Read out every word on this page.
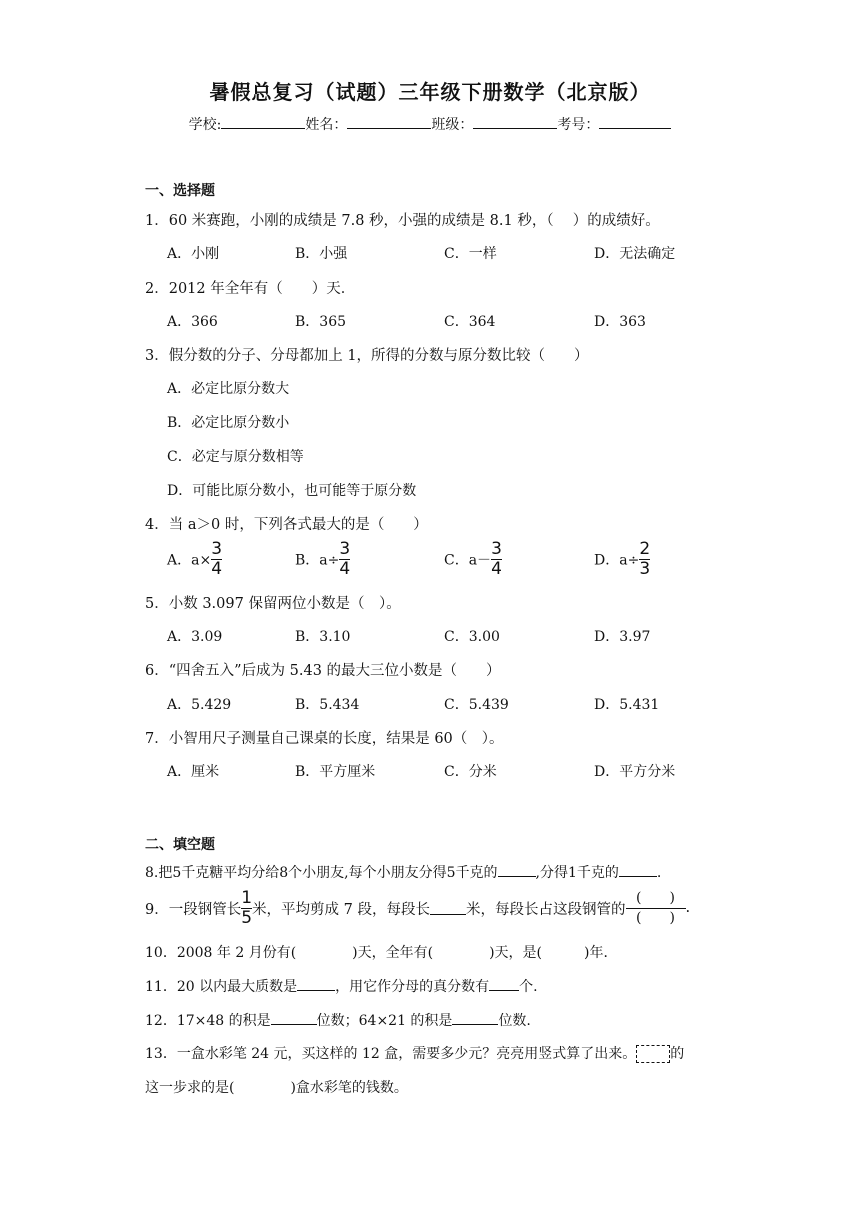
暑假总复习（试题）三年级下册数学（北京版）
学校:	姓名：	班级：	考号：
一、选择题
1．60 米赛跑，小刚的成绩是 7.8 秒，小强的成绩是 8.1 秒，（　 ）的成绩好。
A．小刚	B．小强	C．一样	D．无法确定
2．2012 年全年有（　　）天．
A．366	B．365	C．364	D．363
3．假分数的分子、分母都加上 1，所得的分数与原分数比较（　　）
A．必定比原分数大
B．必定比原分数小
C．必定与原分数相等
D．可能比原分数小，也可能等于原分数
4．当 a＞0 时，下列各式最大的是（　　）
A．$a\times \frac{3}{4}$	B．$a\div \frac{3}{4}$	C．$a- \frac{3}{4}$	D．$a\div \frac{2}{3}$
5．小数 3.097 保留两位小数是（　）。
A．3.09	B．3.10	C．3.00	D．3.97
6．“四舍五入”后成为 5.43 的最大三位小数是（　　）
A．5.429	B．5.434	C．5.439	D．5.431
7．小智用尺子测量自己课桌的长度，结果是 60（　）。
A．厘米	B．平方厘米	C．分米	D．平方分米
二、填空题
8.把5千克糖平均分给8个小朋友,每个小朋友分得5千克的	,分得1千克的	.
9．一段钢管长 $\frac{1}{5}$ 米，平均剪成 7 段，每段长 米，每段长占这段钢管的
(　　)
(　　)
.
10．2008 年 2 月份有(　　　　)天，全年有(　　　　)天，是(　　　)年．
11．20 以内最大质数是	，用它作分母的真分数有 个.
12．17×48 的积是	位数；64×21 的积是	位数.
13．一盒水彩笔 24 元，买这样的 12 盒，需要多少元？亮亮用竖式算了出来。 的
这一步求的是(　　　　)盒水彩笔的钱数。
